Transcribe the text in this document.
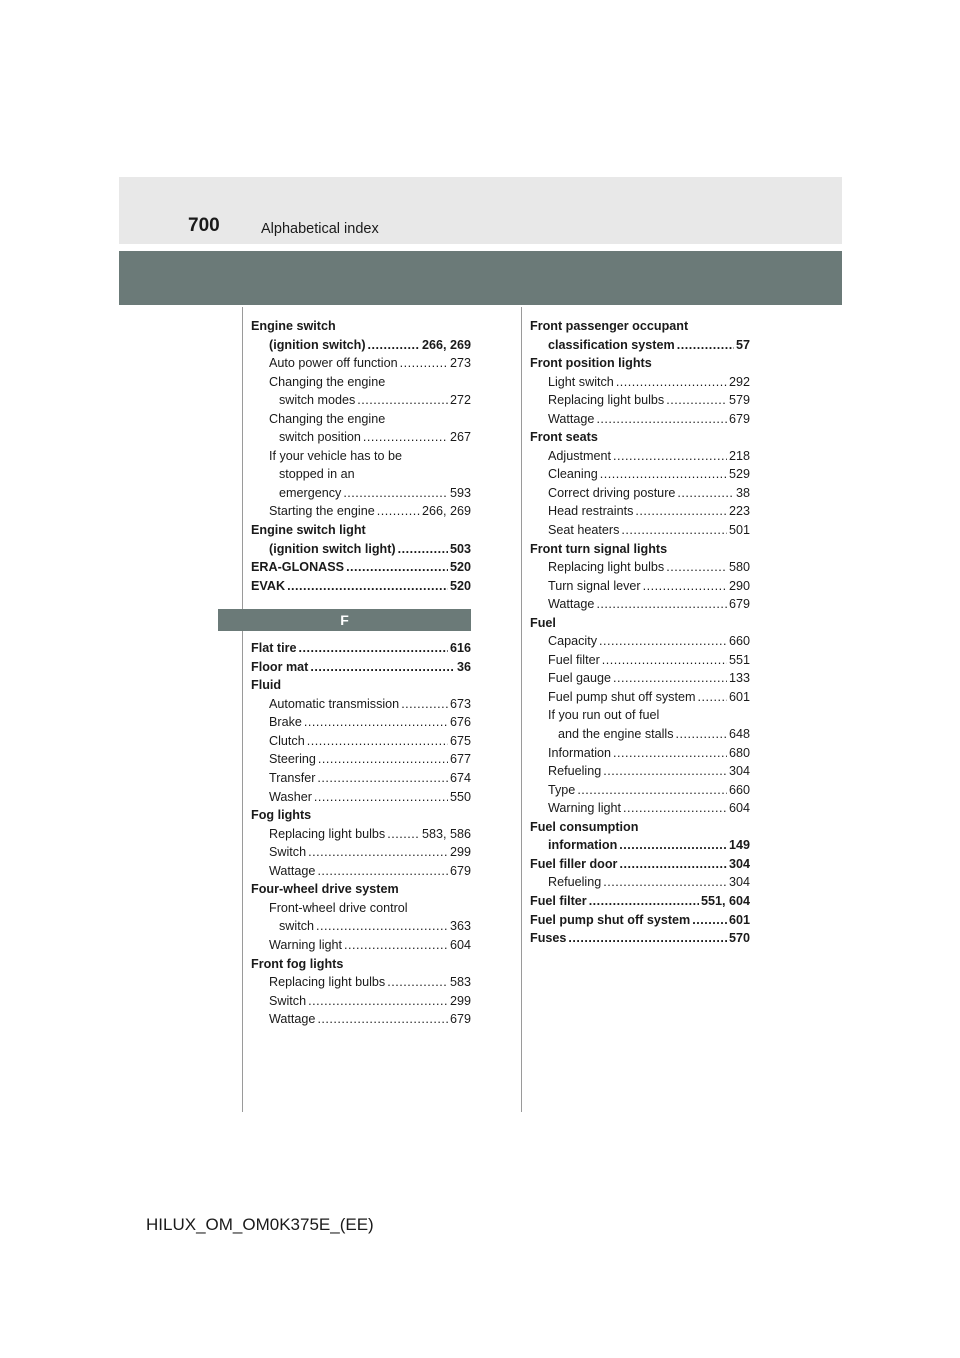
700	Alphabetical index
Engine switch
(ignition switch) .....	266, 269
Auto power off function .....	273
Changing the engine
switch modes .....	272
Changing the engine
switch position .....	267
If your vehicle has to be
stopped in an
emergency .....	593
Starting the engine .....	266, 269
Engine switch light
(ignition switch light) .....	503
ERA-GLONASS .....	520
EVAK .....	520
F
Flat tire .....	616
Floor mat .....	36
Fluid
Automatic transmission .....	673
Brake .....	676
Clutch .....	675
Steering .....	677
Transfer .....	674
Washer .....	550
Fog lights
Replacing light bulbs .....	583, 586
Switch .....	299
Wattage .....	679
Four-wheel drive system
Front-wheel drive control
switch .....	363
Warning light .....	604
Front fog lights
Replacing light bulbs .....	583
Switch .....	299
Wattage .....	679
Front passenger occupant
classification system .....	57
Front position lights
Light switch .....	292
Replacing light bulbs .....	579
Wattage .....	679
Front seats
Adjustment .....	218
Cleaning .....	529
Correct driving posture .....	38
Head restraints .....	223
Seat heaters .....	501
Front turn signal lights
Replacing light bulbs .....	580
Turn signal lever .....	290
Wattage .....	679
Fuel
Capacity .....	660
Fuel filter .....	551
Fuel gauge .....	133
Fuel pump shut off system .....	601
If you run out of fuel
and the engine stalls .....	648
Information .....	680
Refueling .....	304
Type .....	660
Warning light .....	604
Fuel consumption
information .....	149
Fuel filler door .....	304
Refueling .....	304
Fuel filter .....	551, 604
Fuel pump shut off system .....	601
Fuses .....	570
HILUX_OM_OM0K375E_(EE)
